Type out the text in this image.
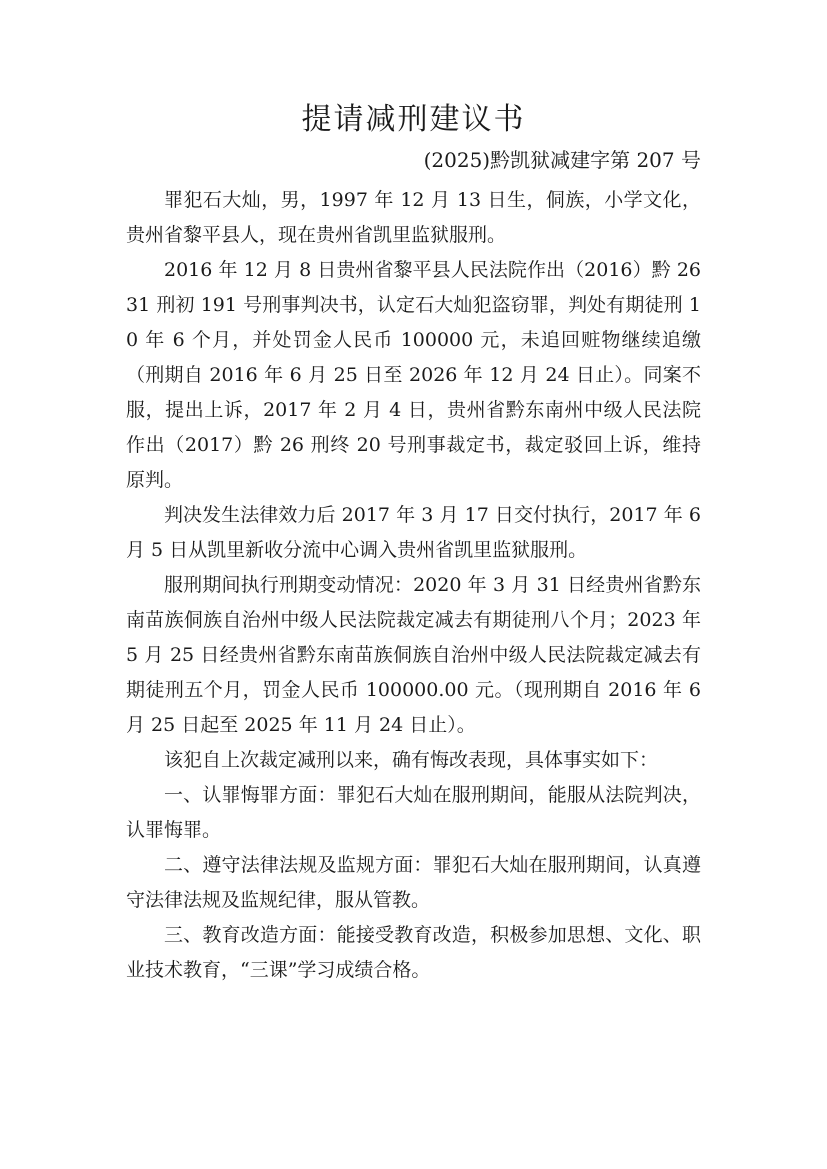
提请减刑建议书
(2025)黔凯狱减建字第 207 号

罪犯石大灿，男，1997 年 12 月 13 日生，侗族，小学文化，贵州省黎平县人，现在贵州省凯里监狱服刑。

2016 年 12 月 8 日贵州省黎平县人民法院作出（2016）黔 2631 刑初 191 号刑事判决书，认定石大灿犯盗窃罪，判处有期徒刑 10 年 6 个月，并处罚金人民币 100000 元，未追回赃物继续追缴（刑期自 2016 年 6 月 25 日至 2026 年 12 月 24 日止）。同案不服，提出上诉，2017 年 2 月 4 日，贵州省黔东南州中级人民法院作出（2017）黔 26 刑终 20 号刑事裁定书，裁定驳回上诉，维持原判。

判决发生法律效力后 2017 年 3 月 17 日交付执行，2017 年 6 月 5 日从凯里新收分流中心调入贵州省凯里监狱服刑。

服刑期间执行刑期变动情况：2020 年 3 月 31 日经贵州省黔东南苗族侗族自治州中级人民法院裁定减去有期徒刑八个月；2023 年 5 月 25 日经贵州省黔东南苗族侗族自治州中级人民法院裁定减去有期徒刑五个月，罚金人民币 100000.00 元。（现刑期自 2016 年 6 月 25 日起至 2025 年 11 月 24 日止）。

该犯自上次裁定减刑以来，确有悔改表现，具体事实如下：

一、认罪悔罪方面：罪犯石大灿在服刑期间，能服从法院判决，认罪悔罪。

二、遵守法律法规及监规方面：罪犯石大灿在服刑期间，认真遵守法律法规及监规纪律，服从管教。

三、教育改造方面：能接受教育改造，积极参加思想、文化、职业技术教育，“三课”学习成绩合格。
